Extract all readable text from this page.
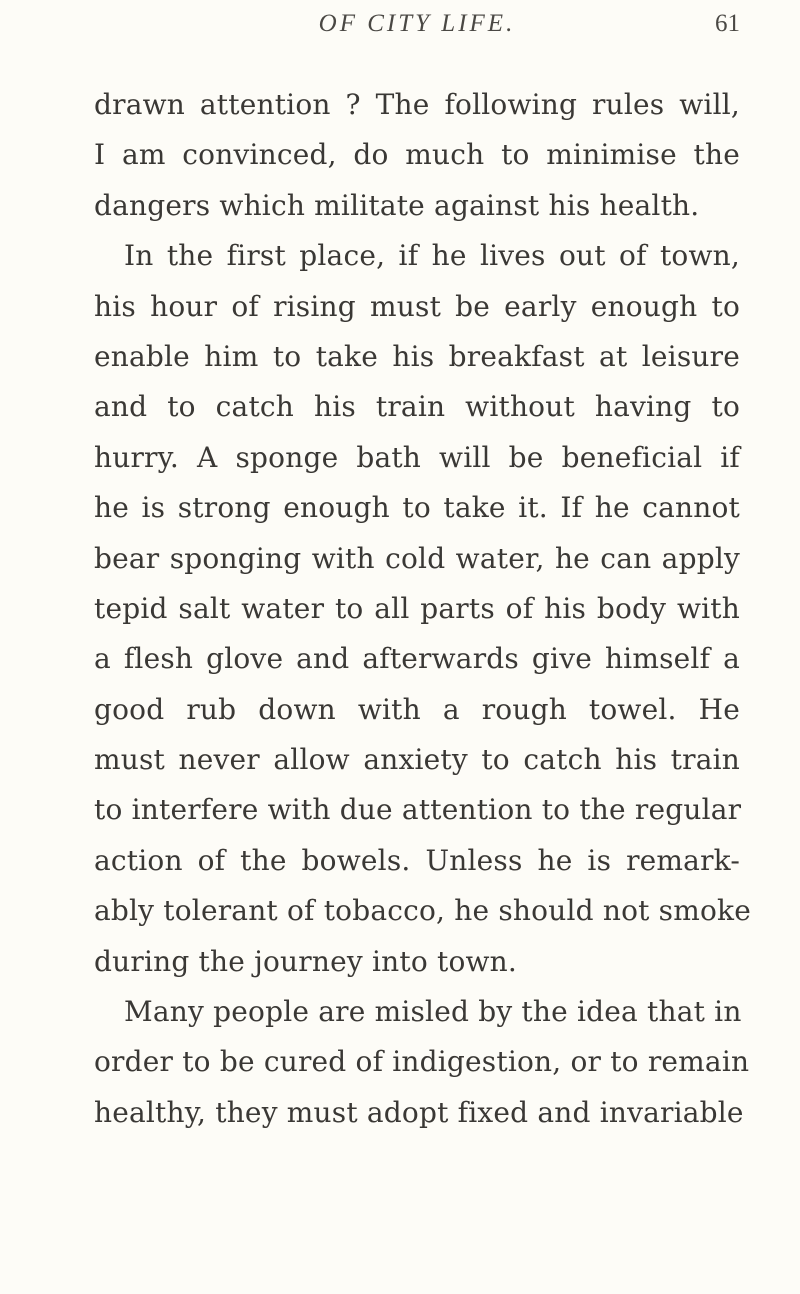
OF CITY LIFE.	61
drawn attention ? The following rules will,
I am convinced, do much to minimise the
dangers which militate against his health.
In the first place, if he lives out of town,
his hour of rising must be early enough to
enable him to take his breakfast at leisure
and to catch his train without having to
hurry. A sponge bath will be beneficial if
he is strong enough to take it. If he cannot
bear sponging with cold water, he can apply
tepid salt water to all parts of his body with
a flesh glove and afterwards give himself a
good rub down with a rough towel. He
must never allow anxiety to catch his train
to interfere with due attention to the regular
action of the bowels. Unless he is remark-
ably tolerant of tobacco, he should not smoke
during the journey into town.
Many people are misled by the idea that in
order to be cured of indigestion, or to remain
healthy, they must adopt fixed and invariable
